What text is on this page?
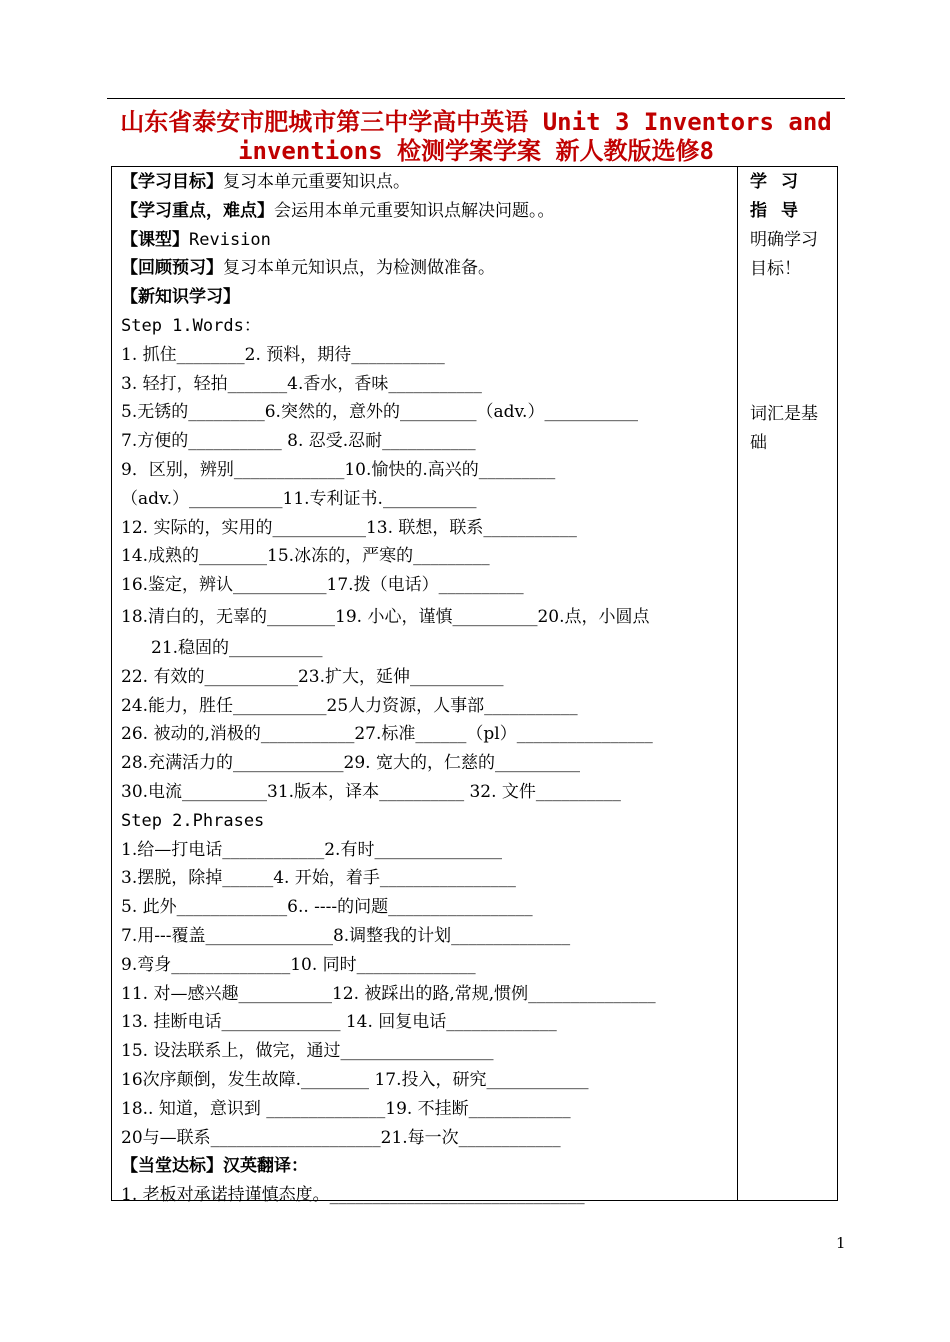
山东省泰安市肥城市第三中学高中英语 Unit 3 Inventors and
inventions 检测学案学案 新人教版选修8
【学习目标】复习本单元重要知识点。
【学习重点，难点】会运用本单元重要知识点解决问题。。
【课型】Revision
【回顾预习】复习本单元知识点，为检测做准备。
【新知识学习】
Step 1.Words：
1. 抓住________2. 预料，期待___________
3. 轻打，轻拍_______4.香水，香味___________
5.无锈的_________6.突然的，意外的_________（adv.）___________
7.方便的___________ 8. 忍受.忍耐___________
9．区别，辨别_____________10.愉快的.高兴的_________
（adv.）___________11.专利证书.___________
12. 实际的，实用的___________13. 联想，联系___________
14.成熟的________15.冰冻的，严寒的_________
16.鉴定，辨认___________17.拨（电话）__________
18.清白的，无辜的________19. 小心，谨慎__________20.点，小圆点
21.稳固的___________
22. 有效的___________23.扩大，延伸___________
24.能力，胜任___________25人力资源，人事部___________
26. 被动的,消极的___________27.标准______（pl）________________
28.充满活力的_____________29. 宽大的，仁慈的__________
30.电流__________31.版本，译本__________ 32. 文件__________
Step 2.Phrases
1.给—打电话____________2.有时_______________
3.摆脱，除掉______4. 开始，着手________________
5. 此外_____________6.. ----的问题_________________
7.用---覆盖_______________8.调整我的计划______________
9.弯身______________10. 同时______________
11. 对—感兴趣___________12. 被踩出的路,常规,惯例_______________
13. 挂断电话______________ 14. 回复电话_____________
15. 设法联系上，做完，通过__________________
16次序颠倒，发生故障.________ 17.投入，研究____________
18.. 知道，意识到 ______________19. 不挂断____________
20与—联系____________________21.每一次____________
【当堂达标】汉英翻译：
1. 老板对承诺持谨慎态度。______________________________
学习指导
明确学习目标！
词汇是基础
1
